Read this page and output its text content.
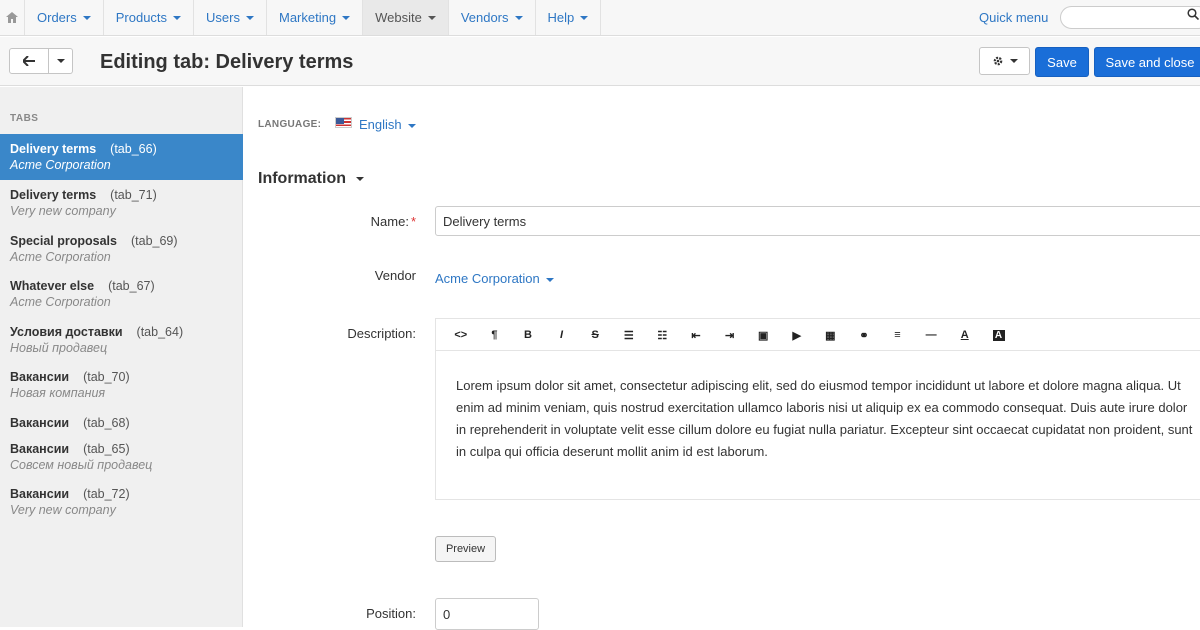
Orders	Products	Users	Marketing	Website	Vendors	Help	Quick menu
Editing tab: Delivery terms	Save	Save and close
TABS
Delivery terms (tab_66)
Acme Corporation
Delivery terms (tab_71)
Very new company
Special proposals (tab_69)
Acme Corporation
Whatever else (tab_67)
Acme Corporation
Условия доставки (tab_64)
Новый продавец
Вакансии (tab_70)
Новая компания
Вакансии (tab_68)
Вакансии (tab_65)
Совсем новый продавец
Вакансии (tab_72)
Very new company
LANGUAGE:	English
Information
Name: *
Delivery terms
Vendor Acme Corporation
Description:	<>	¶	B	I	S	☰	☷	⇤	⇥	▣	▶	▦	⚭	≡	—	A	A
Lorem ipsum dolor sit amet, consectetur adipiscing elit, sed do eiusmod tempor incididunt ut labore et dolore magna aliqua. Ut enim ad minim veniam, quis nostrud exercitation ullamco laboris nisi ut aliquip ex ea commodo consequat. Duis aute irure dolor in reprehenderit in voluptate velit esse cillum dolore eu fugiat nulla pariatur. Excepteur sint occaecat cupidatat non proident, sunt in culpa qui officia deserunt mollit anim id est laborum.
Preview
Position:
0
